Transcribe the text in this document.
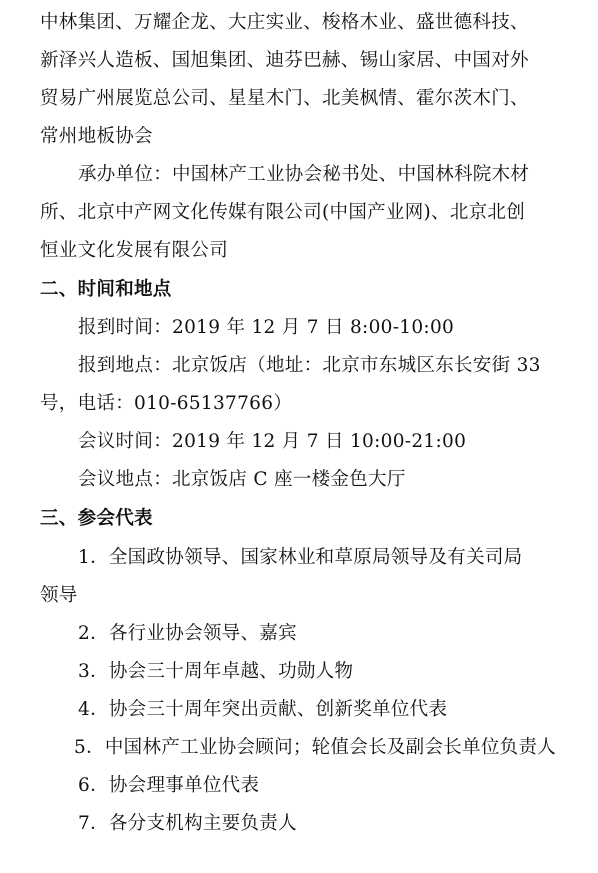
中林集团、万耀企龙、大庄实业、梭格木业、盛世德科技、
新泽兴人造板、国旭集团、迪芬巴赫、锡山家居、中国对外
贸易广州展览总公司、星星木门、北美枫情、霍尔茨木门、
常州地板协会
承办单位：中国林产工业协会秘书处、中国林科院木材
所、北京中产网文化传媒有限公司(中国产业网)、北京北创
恒业文化发展有限公司
二、时间和地点
报到时间：2019 年 12 月 7 日 8:00-10:00
报到地点：北京饭店（地址：北京市东城区东长安街 33
号，电话：010-65137766）
会议时间：2019 年 12 月 7 日 10:00-21:00
会议地点：北京饭店 C 座一楼金色大厅
三、参会代表
1．全国政协领导、国家林业和草原局领导及有关司局
领导
2．各行业协会领导、嘉宾
3．协会三十周年卓越、功勋人物
4．协会三十周年突出贡献、创新奖单位代表
5．中国林产工业协会顾问；轮值会长及副会长单位负责人
6．协会理事单位代表
7．各分支机构主要负责人
